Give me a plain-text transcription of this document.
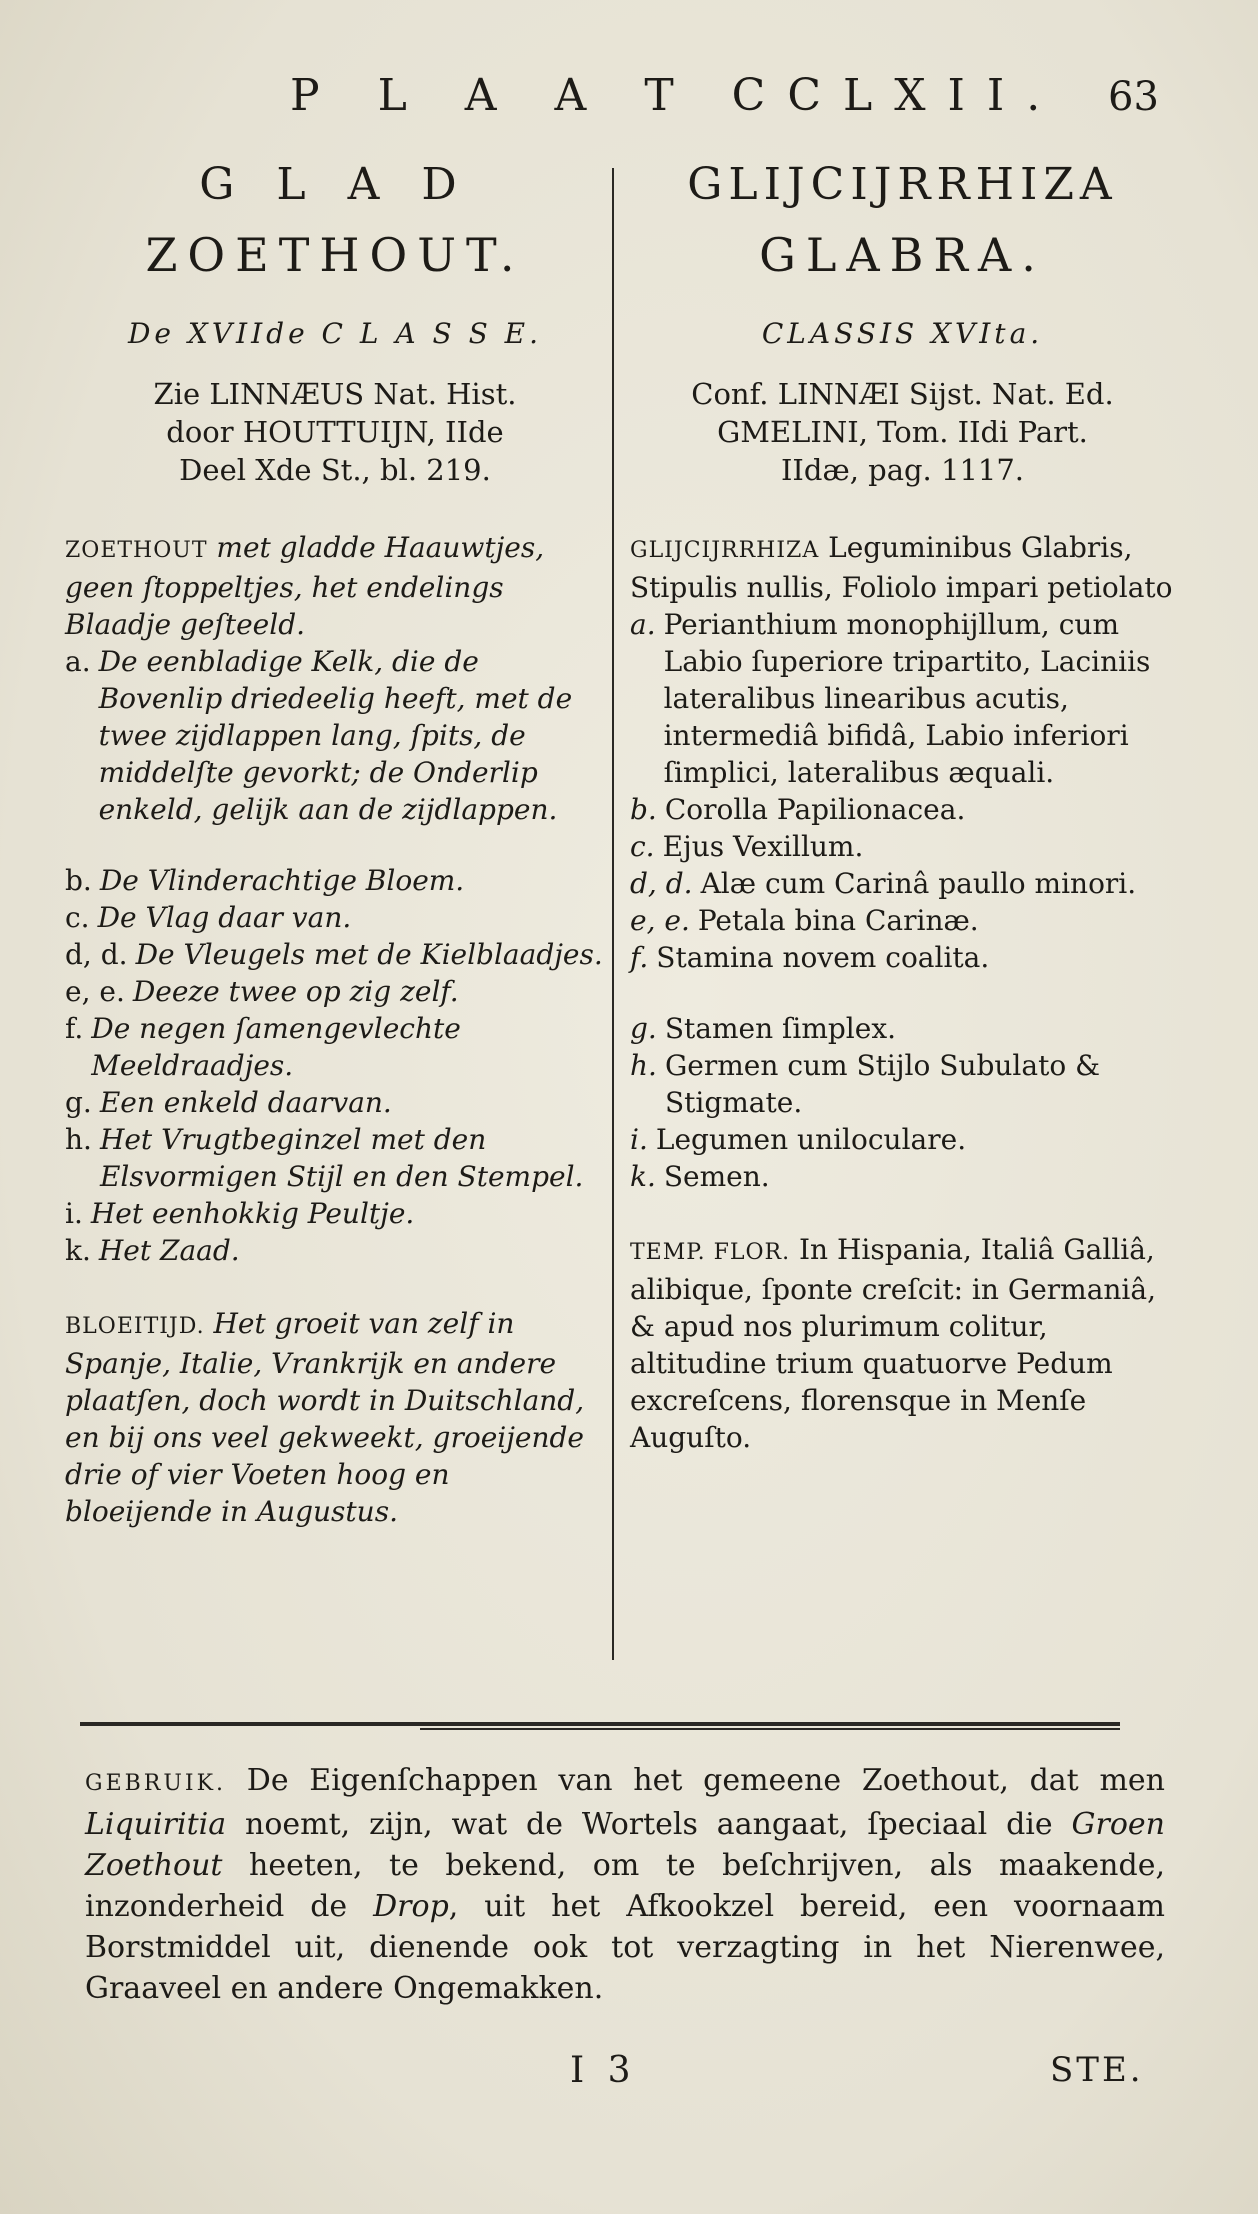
P L A A T CCLXII. 63
G L A D
ZOETHOUT.
De XVIIde C L A S S E.
Zie LINNÆUS Nat. Hist.
door HOUTTUIJN, IIde
Deel Xde St., bl. 219.
ZOETHOUT met gladde Haauwtjes, geen ſtoppeltjes, het endelings Blaadje geſteeld.
a. De eenbladige Kelk, die de Bovenlip driedeelig heeft, met de twee zijdlappen lang, ſpits, de middelſte gevorkt; de Onderlip enkeld, gelijk aan de zijdlappen.
b. De Vlinderachtige Bloem.
c. De Vlag daar van.
d, d. De Vleugels met de Kielblaadjes.
e, e. Deeze twee op zig zelf.
f. De negen ſamengevlechte Meeldraadjes.
g. Een enkeld daarvan.
h. Het Vrugtbeginzel met den Elsvormigen Stijl en den Stempel.
i. Het eenhokkig Peultje.
k. Het Zaad.
BLOEITIJD. Het groeit van zelf in Spanje, Italie, Vrankrijk en andere plaatſen, doch wordt in Duitschland, en bij ons veel gekweekt, groeijende drie of vier Voeten hoog en bloeijende in Augustus.
GLIJCIJRRHIZA
GLABRA.
CLASSIS XVIta.
Conf. LINNÆI Sijst. Nat. Ed.
GMELINI, Tom. IIdi Part.
IIdæ, pag. 1117.
GLIJCIJRRHIZA Leguminibus Glabris, Stipulis nullis, Foliolo impari petiolato
a. Perianthium monophijllum, cum Labio ſuperiore tripartito, Laciniis lateralibus linearibus acutis, intermediâ bifidâ, Labio inferiori ſimplici, lateralibus æquali.
b. Corolla Papilionacea.
c. Ejus Vexillum.
d, d. Alæ cum Carinâ paullo minori.
e, e. Petala bina Carinæ.
f. Stamina novem coalita.
g. Stamen ſimplex.
h. Germen cum Stijlo Subulato & Stigmate.
i. Legumen uniloculare.
k. Semen.
TEMP. FLOR. In Hispania, Italiâ Galliâ, alibique, ſponte creſcit: in Germaniâ, & apud nos plurimum colitur, altitudine trium quatuorve Pedum excreſcens, florensque in Menſe Auguſto.
GEBRUIK. De Eigenſchappen van het gemeene Zoethout, dat men Liquiritia noemt, zijn, wat de Wortels aangaat, ſpeciaal die Groen Zoethout heeten, te bekend, om te beſchrijven, als maakende, inzonderheid de Drop, uit het Afkookzel bereid, een voornaam Borstmiddel uit, dienende ook tot verzagting in het Nierenwee, Graaveel en andere Ongemakken.
I 3	STE.
